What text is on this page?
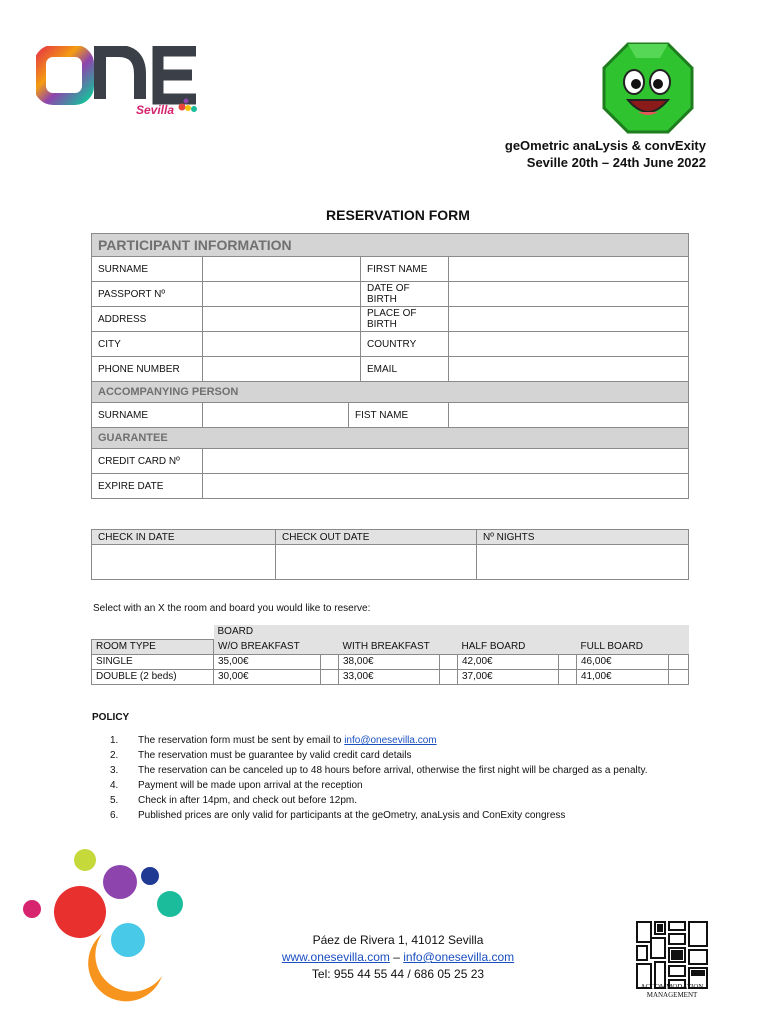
Sevilla
geOmetric anaLysis & convExity
Seville 20th – 24th June 2022
RESERVATION FORM
PARTICIPANT INFORMATION				
SURNAME			FIRST NAME	
PASSPORT Nº			DATE OF BIRTH	
ADDRESS			PLACE OF BIRTH	
CITY			COUNTRY	
PHONE NUMBER			EMAIL	
ACCOMPANYING PERSON				
SURNAME		FIST NAME		
GUARANTEE				
CREDIT CARD Nº				
EXPIRE DATE				
CHECK IN DATE	CHECK OUT DATE	Nº NIGHTS

Select with an X the room and board you would like to reserve:
	BOARD							
ROOM TYPE	W/O BREAKFAST		WITH BREAKFAST		HALF BOARD		FULL BOARD	
SINGLE	35,00€		38,00€		42,00€		46,00€	
DOUBLE (2 beds)	30,00€		33,00€		37,00€		41,00€	
POLICY
1. The reservation form must be sent by email to info@onesevilla.com
2. The reservation must be guarantee by valid credit card details
3. The reservation can be canceled up to 48 hours before arrival, otherwise the first night will be charged as a penalty.
4. Payment will be made upon arrival at the reception
5. Check in after 14pm, and check out before 12pm.
6. Published prices are only valid for participants at the geOmetry, anaLysis and ConExity congress
Páez de Rivera 1, 41012 Sevilla
www.onesevilla.com – info@onesevilla.com
Tel: 955 44 55 44 / 686 05 25 23
ACCOMMODATION MANAGEMENT
